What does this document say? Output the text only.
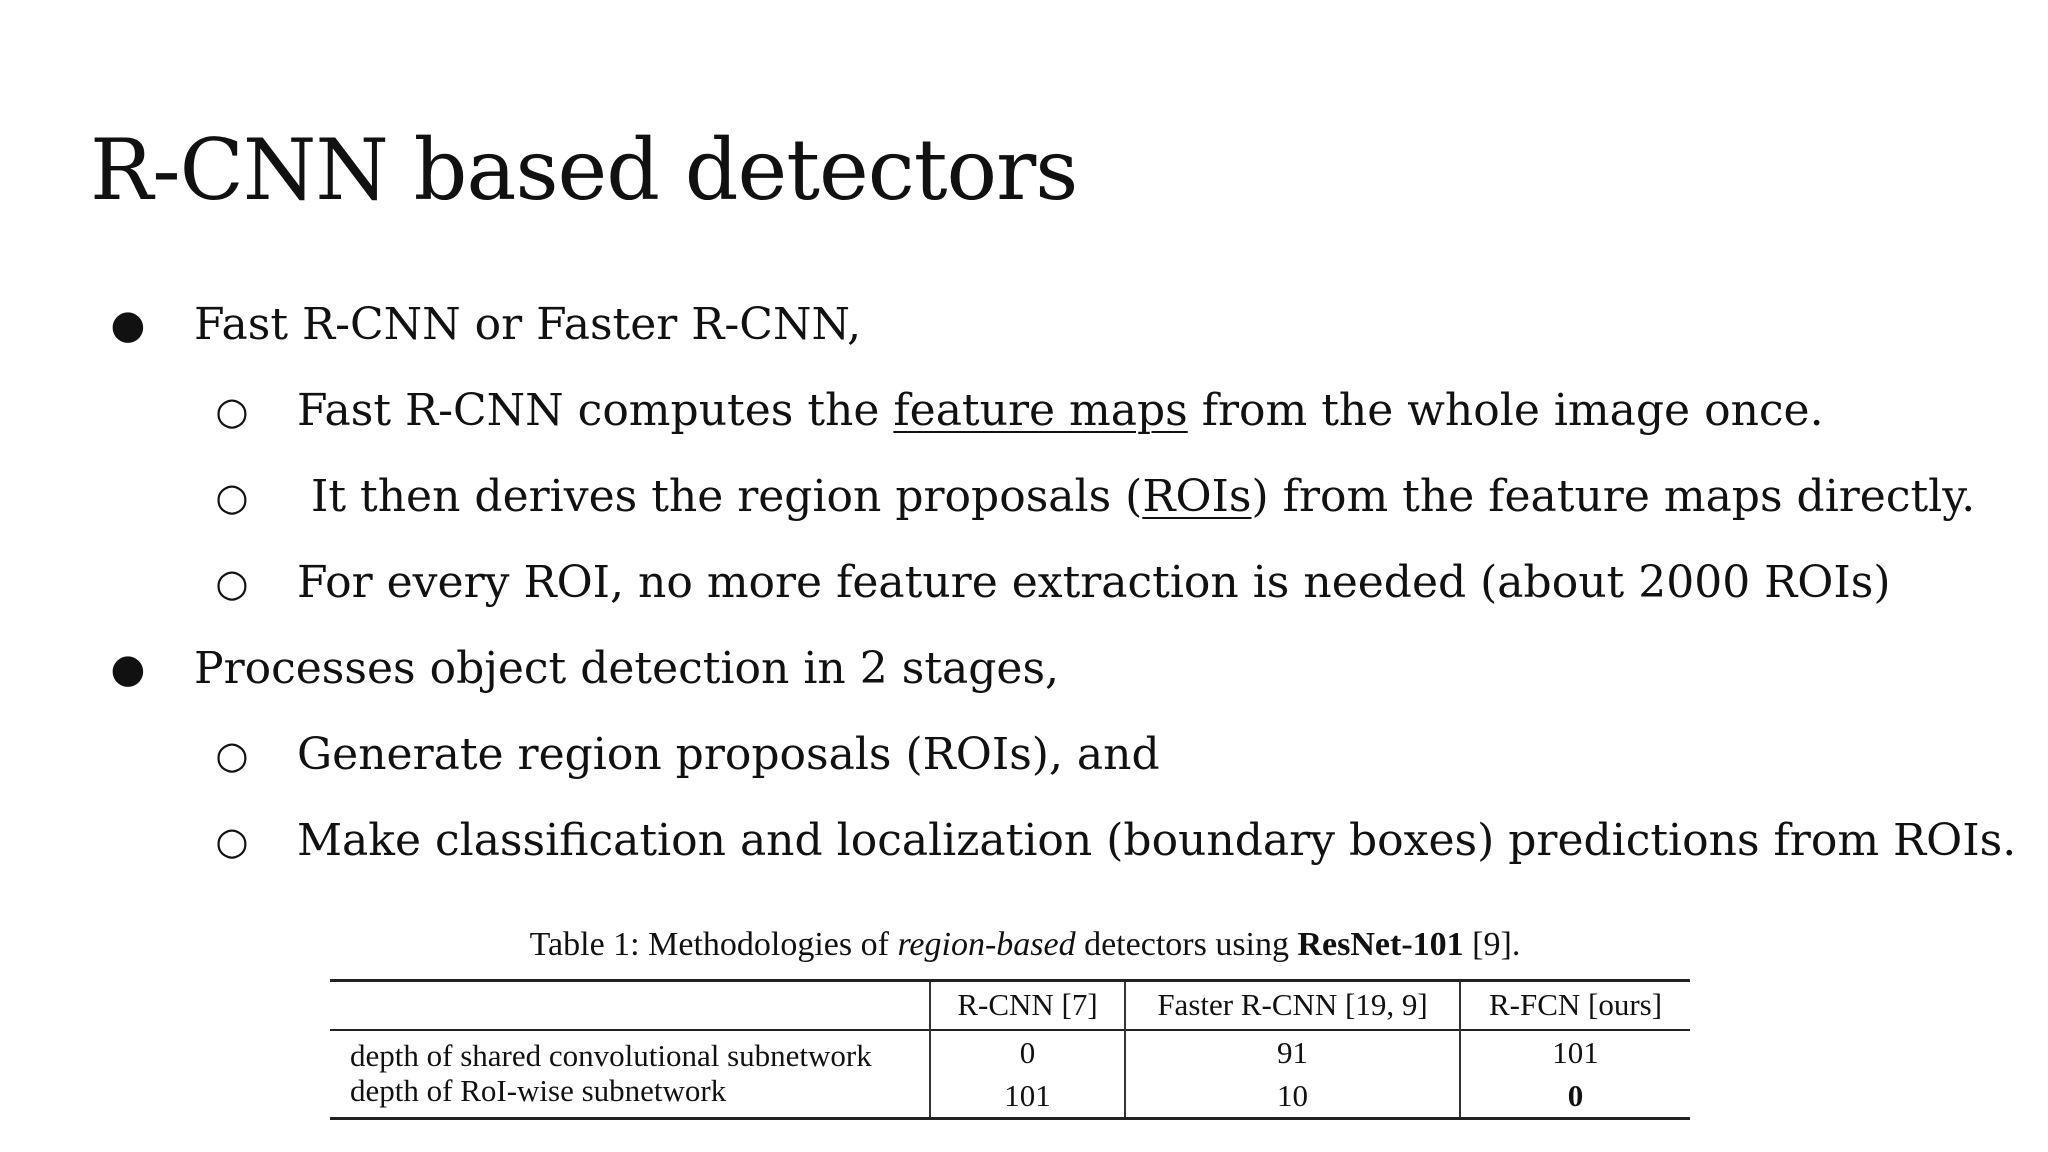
R-CNN based detectors
● Fast R-CNN or Faster R-CNN,
○ Fast R-CNN computes the feature maps from the whole image once.
○ It then derives the region proposals (ROIs) from the feature maps directly.
○ For every ROI, no more feature extraction is needed (about 2000 ROIs)
● Processes object detection in 2 stages,
○ Generate region proposals (ROIs), and
○ Make classification and localization (boundary boxes) predictions from ROIs.
Table 1: Methodologies of region-based detectors using ResNet-101 [9].

	R-CNN [7]	Faster R-CNN [19, 9]	R-FCN [ours]

depth of shared convolutional subnetwork	0	91	101
depth of RoI-wise subnetwork	101	10	0
